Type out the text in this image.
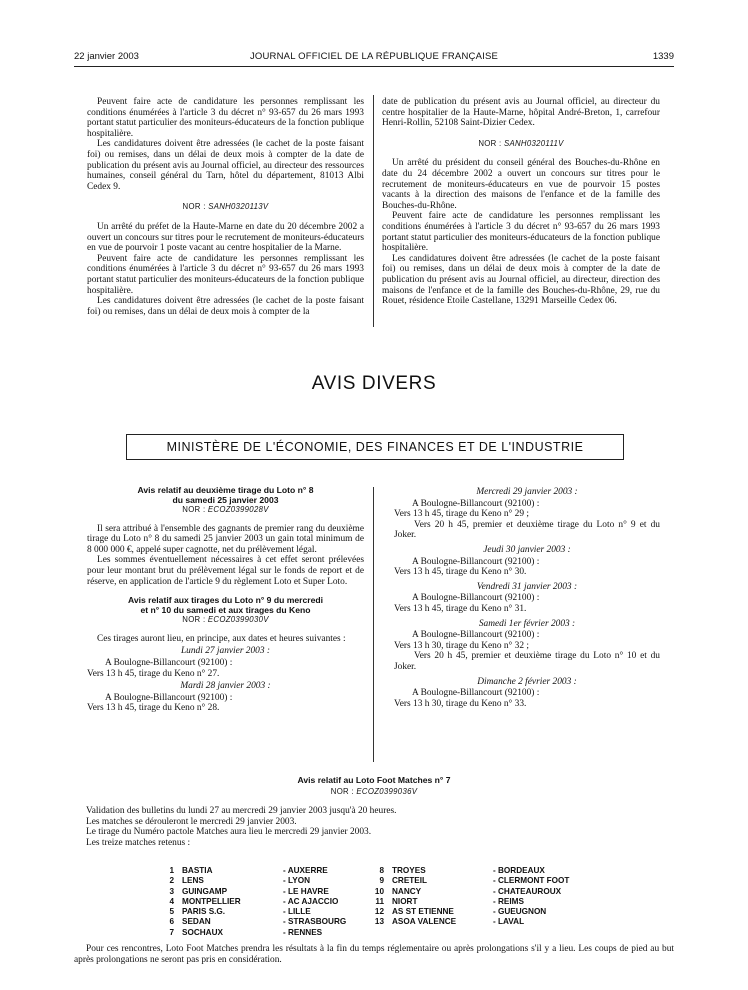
22 janvier 2003	JOURNAL OFFICIEL DE LA RÉPUBLIQUE FRANÇAISE	1339

Peuvent faire acte de candidature les personnes remplissant les conditions énumérées à l'article 3 du décret n° 93-657 du 26 mars 1993 portant statut particulier des moniteurs-éducateurs de la fonction publique hospitalière.

Les candidatures doivent être adressées (le cachet de la poste faisant foi) ou remises, dans un délai de deux mois à compter de la date de publication du présent avis au Journal officiel, au directeur des ressources humaines, conseil général du Tarn, hôtel du département, 81013 Albi Cedex 9.

NOR : SANH0320113V

Un arrêté du préfet de la Haute-Marne en date du 20 décembre 2002 a ouvert un concours sur titres pour le recrutement de moniteurs-éducateurs en vue de pourvoir 1 poste vacant au centre hospitalier de la Marne.

Peuvent faire acte de candidature les personnes remplissant les conditions énumérées à l'article 3 du décret n° 93-657 du 26 mars 1993 portant statut particulier des moniteurs-éducateurs de la fonction publique hospitalière.

Les candidatures doivent être adressées (le cachet de la poste faisant foi) ou remises, dans un délai de deux mois à compter de la

date de publication du présent avis au Journal officiel, au directeur du centre hospitalier de la Haute-Marne, hôpital André-Breton, 1, carrefour Henri-Rollin, 52108 Saint-Dizier Cedex.

NOR : SANH0320111V

Un arrêté du président du conseil général des Bouches-du-Rhône en date du 24 décembre 2002 a ouvert un concours sur titres pour le recrutement de moniteurs-éducateurs en vue de pourvoir 15 postes vacants à la direction des maisons de l'enfance et de la famille des Bouches-du-Rhône.

Peuvent faire acte de candidature les personnes remplissant les conditions énumérées à l'article 3 du décret n° 93-657 du 26 mars 1993 portant statut particulier des moniteurs-éducateurs de la fonction publique hospitalière.

Les candidatures doivent être adressées (le cachet de la poste faisant foi) ou remises, dans un délai de deux mois à compter de la date de publication du présent avis au Journal officiel, au directeur, direction des maisons de l'enfance et de la famille des Bouches-du-Rhône, 29, rue du Rouet, résidence Etoile Castellane, 13291 Marseille Cedex 06.

AVIS DIVERS
MINISTÈRE DE L'ÉCONOMIE, DES FINANCES ET DE L'INDUSTRIE
Avis relatif au deuxième tirage du Loto n° 8
du samedi 25 janvier 2003
NOR : ECOZ0399028V

Il sera attribué à l'ensemble des gagnants de premier rang du deuxième tirage du Loto n° 8 du samedi 25 janvier 2003 un gain total minimum de 8 000 000 €, appelé super cagnotte, net du prélèvement légal.

Les sommes éventuellement nécessaires à cet effet seront prélevées pour leur montant brut du prélèvement légal sur le fonds de report et de réserve, en application de l'article 9 du règlement Loto et Super Loto.

Avis relatif aux tirages du Loto n° 9 du mercredi
et n° 10 du samedi et aux tirages du Keno
NOR : ECOZ0399030V

Ces tirages auront lieu, en principe, aux dates et heures suivantes :

Lundi 27 janvier 2003 :
A Boulogne-Billancourt (92100) :
Vers 13 h 45, tirage du Keno n° 27.
Mardi 28 janvier 2003 :
A Boulogne-Billancourt (92100) :
Vers 13 h 45, tirage du Keno n° 28.
Mercredi 29 janvier 2003 :
A Boulogne-Billancourt (92100) :
Vers 13 h 45, tirage du Keno n° 29 ;
Vers 20 h 45, premier et deuxième tirage du Loto n° 9 et du Joker.
Jeudi 30 janvier 2003 :
A Boulogne-Billancourt (92100) :
Vers 13 h 45, tirage du Keno n° 30.
Vendredi 31 janvier 2003 :
A Boulogne-Billancourt (92100) :
Vers 13 h 45, tirage du Keno n° 31.
Samedi 1er février 2003 :
A Boulogne-Billancourt (92100) :
Vers 13 h 30, tirage du Keno n° 32 ;
Vers 20 h 45, premier et deuxième tirage du Loto n° 10 et du Joker.
Dimanche 2 février 2003 :
A Boulogne-Billancourt (92100) :
Vers 13 h 30, tirage du Keno n° 33.
Avis relatif au Loto Foot Matches n° 7
NOR : ECOZ0399036V
Validation des bulletins du lundi 27 au mercredi 29 janvier 2003 jusqu'à 20 heures.
Les matches se dérouleront le mercredi 29 janvier 2003.
Le tirage du Numéro pactole Matches aura lieu le mercredi 29 janvier 2003.
Les treize matches retenus :
1 BASTIA	- AUXERRE	8 TROYES	- BORDEAUX
2 LENS	- LYON	9 CRETEIL	- CLERMONT FOOT
3 GUINGAMP	- LE HAVRE	10 NANCY	- CHATEAUROUX
4 MONTPELLIER	- AC AJACCIO	11 NIORT	- REIMS
5 PARIS S.G.	- LILLE	12 AS ST ETIENNE	- GUEUGNON
6 SEDAN	- STRASBOURG	13 ASOA VALENCE	- LAVAL
7 SOCHAUX	- RENNES
Pour ces rencontres, Loto Foot Matches prendra les résultats à la fin du temps réglementaire ou après prolongations s'il y a lieu. Les coups de pied au but après prolongations ne seront pas pris en considération.
